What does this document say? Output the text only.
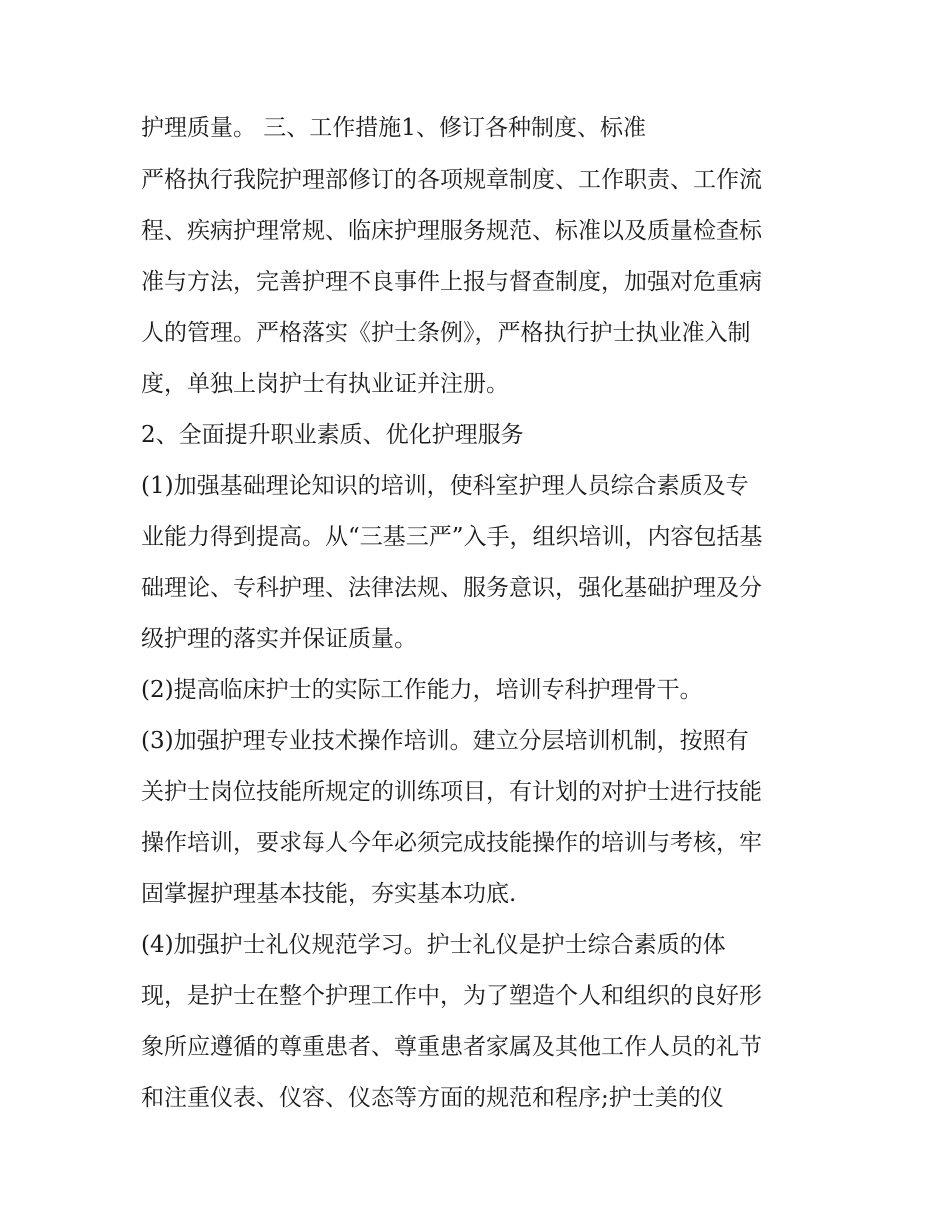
护理质量。 三、工作措施1、修订各种制度、标准
严格执行我院护理部修订的各项规章制度、工作职责、工作流
程、疾病护理常规、临床护理服务规范、标准以及质量检查标
准与方法，完善护理不良事件上报与督查制度，加强对危重病
人的管理。严格落实《护士条例》，严格执行护士执业准入制
度，单独上岗护士有执业证并注册。
2、全面提升职业素质、优化护理服务
(1)加强基础理论知识的培训，使科室护理人员综合素质及专
业能力得到提高。从“三基三严”入手，组织培训，内容包括基
础理论、专科护理、法律法规、服务意识，强化基础护理及分
级护理的落实并保证质量。
(2)提高临床护士的实际工作能力，培训专科护理骨干。
(3)加强护理专业技术操作培训。建立分层培训机制，按照有
关护士岗位技能所规定的训练项目，有计划的对护士进行技能
操作培训，要求每人今年必须完成技能操作的培训与考核，牢
固掌握护理基本技能，夯实基本功底.
(4)加强护士礼仪规范学习。护士礼仪是护士综合素质的体
现，是护士在整个护理工作中，为了塑造个人和组织的良好形
象所应遵循的尊重患者、尊重患者家属及其他工作人员的礼节
和注重仪表、仪容、仪态等方面的规范和程序;护士美的仪
